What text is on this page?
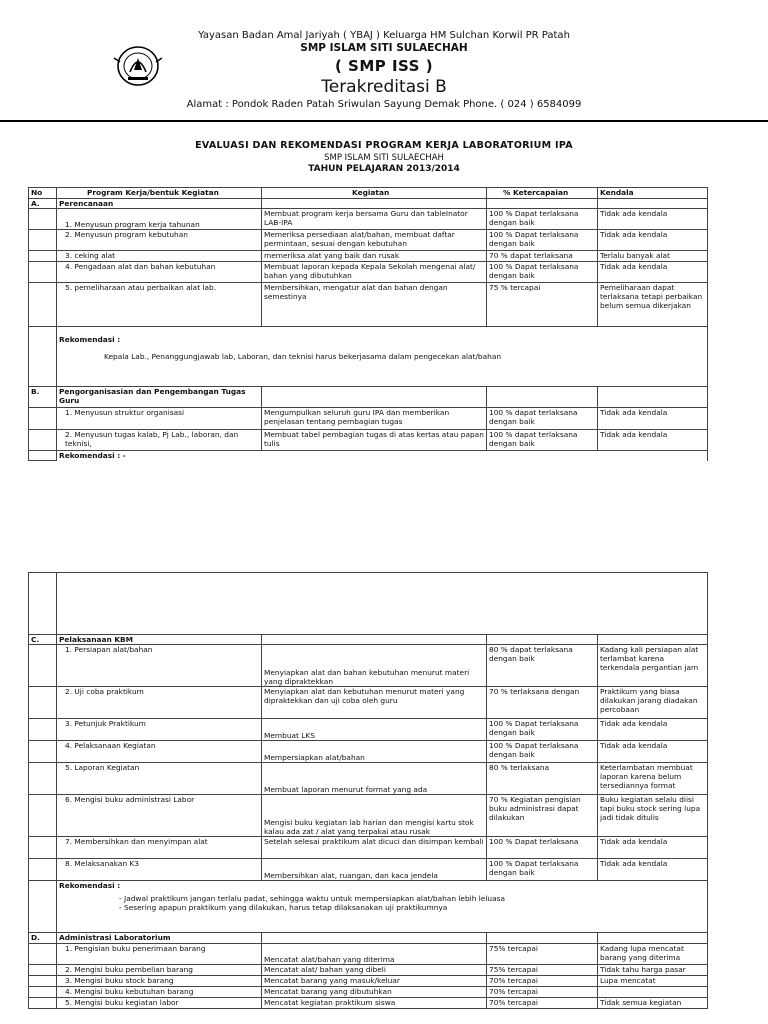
Yayasan Badan Amal Jariyah ( YBAJ ) Keluarga HM Sulchan Korwil PR Patah
SMP ISLAM SITI SULAECHAH
( SMP ISS )
Terakreditasi B
Alamat : Pondok Raden Patah Sriwulan Sayung Demak Phone. ( 024 ) 6584099
EVALUASI DAN REKOMENDASI PROGRAM KERJA LABORATORIUM IPA
SMP ISLAM SITI SULAECHAH
TAHUN PELAJARAN 2013/2014
No	Program Kerja/bentuk Kegiatan	Kegiatan	% Ketercapaian	Kendala
A.	Perencanaan			
	1. Menyusun program kerja tahunan	Membuat program kerja bersama Guru dan tableInator LAB-IPA	100 % Dapat terlaksana dengan baik	Tidak ada kendala
	2. Menyusun program kebutuhan	Memeriksa persediaan alat/bahan, membuat daftar permintaan, sesuai dengan kebutuhan	100 % Dapat terlaksana dengan baik	Tidak ada kendala
	3. ceking alat	memeriksa alat yang baik dan rusak	70 % dapat terlaksana	Terlalu banyak alat
	4. Pengadaan alat dan bahan kebutuhan	Membuat laporan kepada Kepala Sekolah mengenai alat/ bahan yang dibutuhkan	100 % Dapat terlaksana dengan baik	Tidak ada kendala
	5. pemeliharaan atau perbaikan alat lab.	Membersihkan, mengatur alat dan bahan dengan semestinya	75 % tercapai	Pemeliharaan dapat terlaksana tetapi perbaikan belum semua dikerjakan

	Rekomendasi :
Kepala Lab., Penanggungjawab lab, Laboran, dan teknisi harus bekerjasama dalam pengecekan alat/bahan			

B.	Pengorganisasian dan Pengembangan Tugas Guru			
	1. Menyusun struktur organisasi	Mengumpulkan seluruh guru IPA dan memberikan penjelasan tentang pembagian tugas	100 % dapat terlaksana dengan baik	Tidak ada kendala
	2. Menyusun tugas kalab, Pj Lab., laboran, dan teknisi,	Membuat tabel pembagian tugas di atas kertas atau papan tulis	100 % dapat terlaksana dengan baik	Tidak ada kendala
	Rekomendasi : -			

C.	Pelaksanaan KBM			
	1. Persiapan alat/bahan	Menyiapkan alat dan bahan kebutuhan menurut materi yang dipraktekkan	80 % dapat terlaksana dengan baik	Kadang kali persiapan alat terlambat karena terkendala pergantian jam
	2. Uji coba praktikum	Menyiapkan alat dan kebutuhan menurut materi yang dipraktekkan dan uji coba oleh guru	70 % terlaksana dengan	Praktikum yang biasa dilakukan jarang diadakan percobaan
	3. Petunjuk Praktikum	Membuat LKS	100 % Dapat terlaksana dengan baik	Tidak ada kendala
	4. Pelaksanaan Kegiatan	Mempersiapkan alat/bahan	100 % Dapat terlaksana dengan baik	Tidak ada kendala
	5. Laporan Kegiatan	Membuat laporan menurut format yang ada	80 % terlaksana	Keterlambatan membuat laporan karena belum tersediannya format
	6. Mengisi buku administrasi Labor	Mengisi buku kegiatan lab harian dan mengisi kartu stok kalau ada zat / alat yang terpakai atau rusak	70 % Kegiatan pengisian buku administrasi dapat dilakukan	Buku kegiatan selalu diisi tapi buku stock sering lupa jadi tidak ditulis
	7. Membersihkan dan menyimpan alat	Setelah selesai praktikum alat dicuci dan disimpan kembali	100 % Dapat terlaksana	Tidak ada kendala
	8. Melaksanakan K3	Membersihkan alat, ruangan, dan kaca jendela	100 % Dapat terlaksana dengan baik	Tidak ada kendala

	Rekomendasi :
- Jadwal praktikum jangan terlalu padat, sehingga waktu untuk mempersiapkan alat/bahan lebih leluasa
- Sesering apapun praktikum yang dilakukan, harus tetap dilaksanakan uji praktikumnya

D.	Administrasi Laboratorium			
	1. Pengisian buku penerimaan barang	Mencatat alat/bahan yang diterima	75% tercapai	Kadang lupa mencatat barang yang diterima
	2. Mengisi buku pembelian barang	Mencatat alat/ bahan yang dibeli	75% tercapai	Tidak tahu harga pasar
	3. Mengisi buku stock barang	Mencatat barang yang masuk/keluar	70% tercapai	Lupa mencatat
	4. Mengisi buku kebutuhan barang	Mencatat barang yang dibutuhkan	70% tercapai	
	5. Mengisi buku kegiatan labor	Mencatat kegiatan praktikum siswa	70% tercapai	Tidak semua kegiatan
